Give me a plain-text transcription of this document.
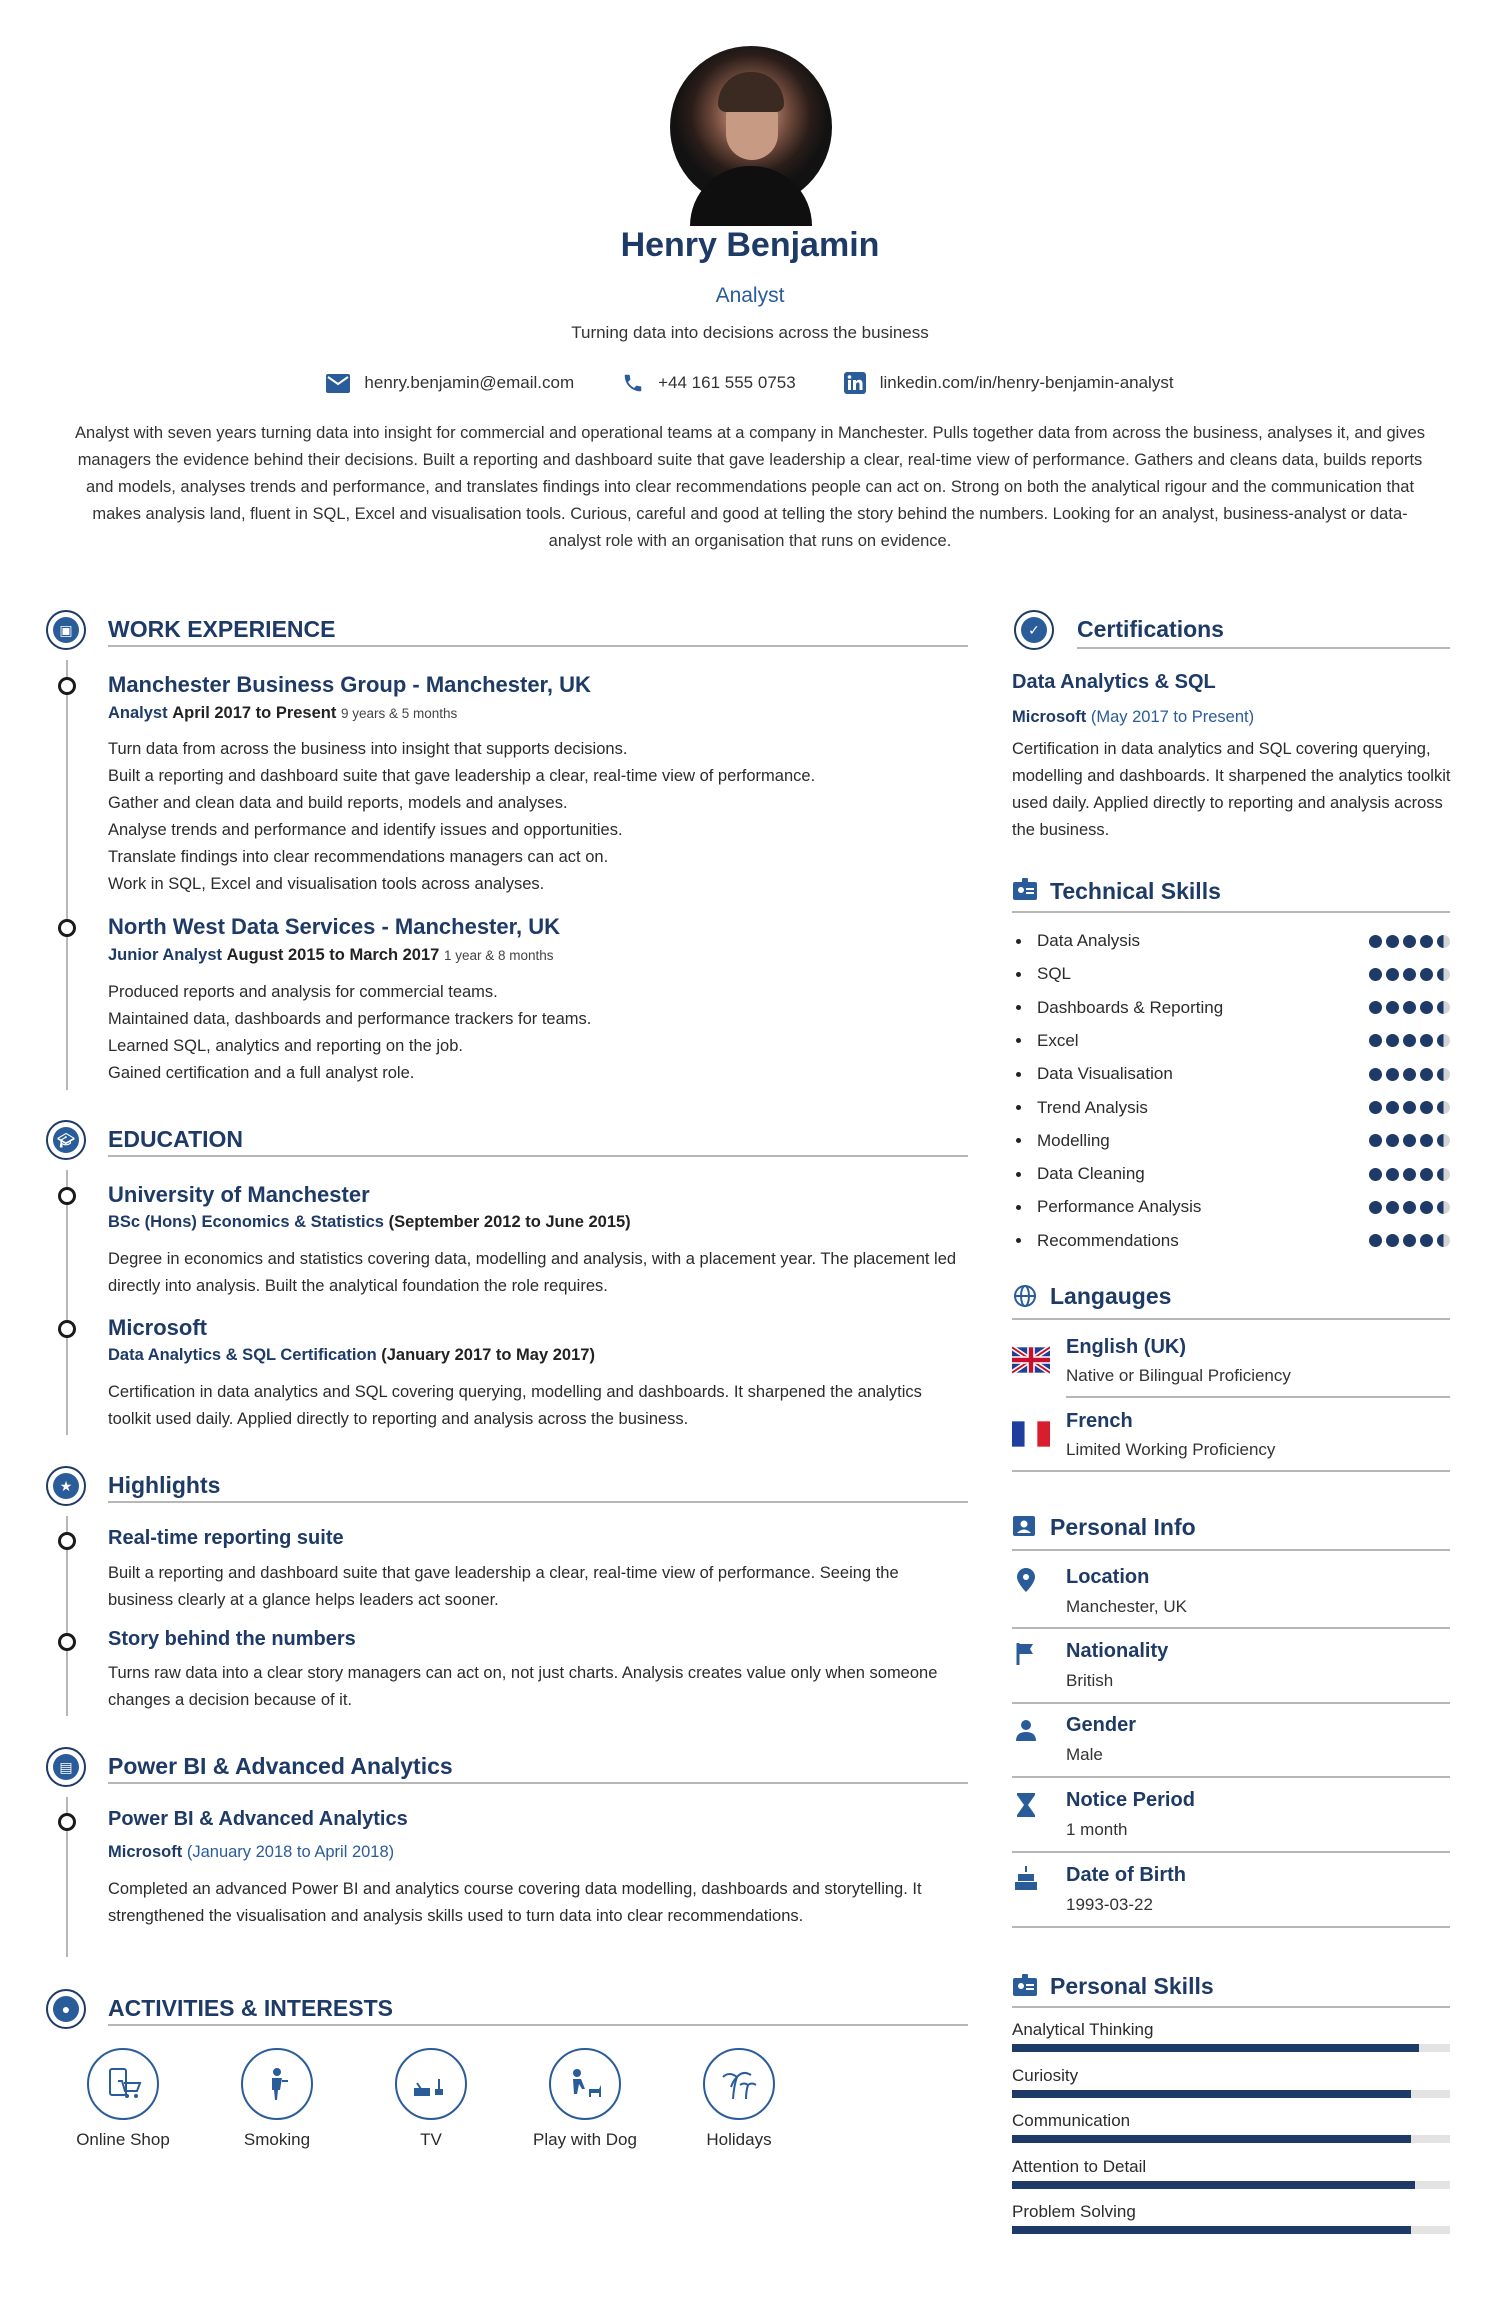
Henry Benjamin
Analyst
Turning data into decisions across the business
henry.benjamin@email.com	+44 161 555 0753	linkedin.com/in/henry-benjamin-analyst
Analyst with seven years turning data into insight for commercial and operational teams at a company in Manchester. Pulls together data from across the business, analyses it, and gives managers the evidence behind their decisions. Built a reporting and dashboard suite that gave leadership a clear, real-time view of performance. Gathers and cleans data, builds reports and models, analyses trends and performance, and translates findings into clear recommendations people can act on. Strong on both the analytical rigour and the communication that makes analysis land, fluent in SQL, Excel and visualisation tools. Curious, careful and good at telling the story behind the numbers. Looking for an analyst, business-analyst or data-analyst role with an organisation that runs on evidence.
▣ WORK EXPERIENCE
Manchester Business Group - Manchester, UK
Analyst April 2017 to Present 9 years & 5 months
Turn data from across the business into insight that supports decisions.
Built a reporting and dashboard suite that gave leadership a clear, real-time view of performance.
Gather and clean data and build reports, models and analyses.
Analyse trends and performance and identify issues and opportunities.
Translate findings into clear recommendations managers can act on.
Work in SQL, Excel and visualisation tools across analyses.
North West Data Services - Manchester, UK
Junior Analyst August 2015 to March 2017 1 year & 8 months
Produced reports and analysis for commercial teams.
Maintained data, dashboards and performance trackers for teams.
Learned SQL, analytics and reporting on the job.
Gained certification and a full analyst role.
🎓︎ EDUCATION
University of Manchester
BSc (Hons) Economics & Statistics (September 2012 to June 2015)
Degree in economics and statistics covering data, modelling and analysis, with a placement year. The placement led directly into analysis. Built the analytical foundation the role requires.
Microsoft
Data Analytics & SQL Certification (January 2017 to May 2017)
Certification in data analytics and SQL covering querying, modelling and dashboards. It sharpened the analytics toolkit used daily. Applied directly to reporting and analysis across the business.
★ Highlights
Real-time reporting suite
Built a reporting and dashboard suite that gave leadership a clear, real-time view of performance. Seeing the business clearly at a glance helps leaders act sooner.
Story behind the numbers
Turns raw data into a clear story managers can act on, not just charts. Analysis creates value only when someone changes a decision because of it.
▤ Power BI & Advanced Analytics
Power BI & Advanced Analytics
Microsoft (January 2018 to April 2018)
Completed an advanced Power BI and analytics course covering data modelling, dashboards and storytelling. It strengthened the visualisation and analysis skills used to turn data into clear recommendations.
●	ACTIVITIES & INTERESTS
Online Shop	Smoking	TV	Play with Dog	Holidays
✓	Certifications
Data Analytics & SQL
Microsoft (May 2017 to Present)
Certification in data analytics and SQL covering querying, modelling and dashboards. It sharpened the analytics toolkit used daily. Applied directly to reporting and analysis across the business.
Technical Skills
Data Analysis
SQL
Dashboards & Reporting
Excel
Data Visualisation
Trend Analysis
Modelling
Data Cleaning
Performance Analysis
Recommendations
Langauges
English (UK)
Native or Bilingual Proficiency
French
Limited Working Proficiency
Personal Info
Location
Manchester, UK
Nationality
British
Gender
Male
Notice Period
1 month
Date of Birth
1993-03-22
Personal Skills
Analytical Thinking
Curiosity
Communication
Attention to Detail
Problem Solving
